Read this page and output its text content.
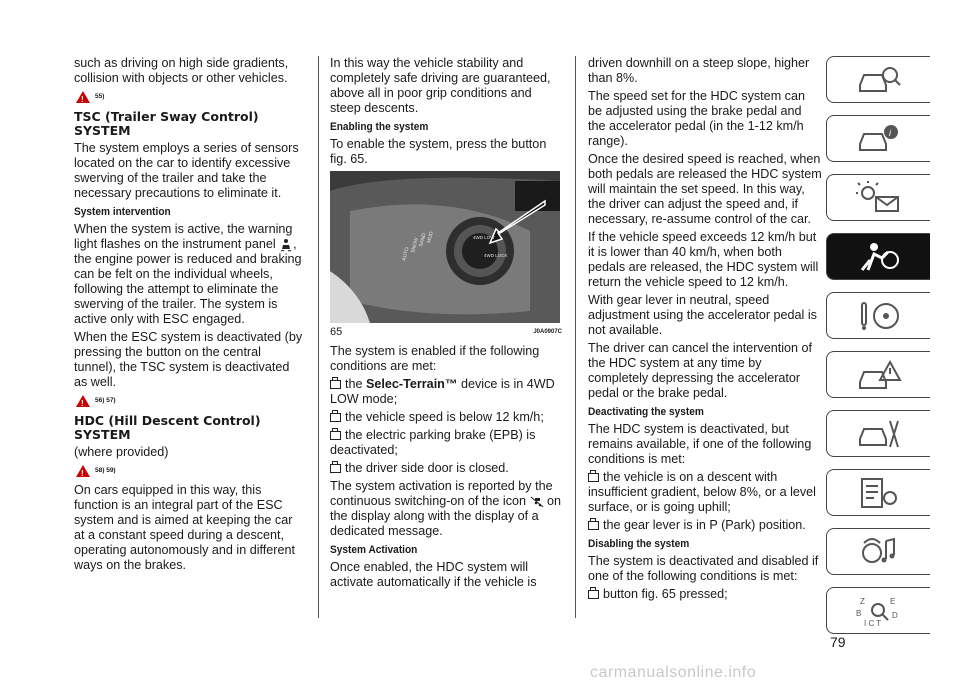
such as driving on high side gradients, collision with objects or other vehicles.

!
55)
TSC (Trailer Sway Control) SYSTEM

The system employs a series of sensors located on the car to identify excessive swerving of the trailer and take the necessary precautions to eliminate it.

System intervention

When the system is active, the warning light flashes on the instrument panel , the engine power is reduced and braking can be felt on the individual wheels, following the attempt to eliminate the swerving of the trailer. The system is active only with ESC engaged.

When the ESC system is deactivated (by pressing the button on the central tunnel), the TSC system is deactivated as well.

!
56) 57)
HDC (Hill Descent Control) SYSTEM

(where provided)

!
58) 59)

On cars equipped in this way, this function is an integral part of the ESC system and is aimed at keeping the car at a constant speed during a descent, operating autonomously and in different ways on the brakes.

In this way the vehicle stability and completely safe driving are guaranteed, above all in poor grip conditions and steep descents.

Enabling the system

To enable the system, press the button fig. 65.

AUTO
SNOW
SAND
MUD	4WD LOW
4WD LOCK
65	J0A0907C

The system is enabled if the following conditions are met:

the Selec-Terrain™ device is in 4WD LOW mode;

the vehicle speed is below 12 km/h;

the electric parking brake (EPB) is deactivated;

the driver side door is closed.

The system activation is reported by the continuous switching-on of the icon on the display along with the display of a dedicated message.

System Activation

Once enabled, the HDC system will activate automatically if the vehicle is

driven downhill on a steep slope, higher than 8%.

The speed set for the HDC system can be adjusted using the brake pedal and the accelerator pedal (in the 1-12 km/h range).

Once the desired speed is reached, when both pedals are released the HDC system will maintain the set speed. In this way, the driver can adjust the speed and, if necessary, re-assume control of the car.

If the vehicle speed exceeds 12 km/h but it is lower than 40 km/h, when both pedals are released, the HDC system will return the vehicle speed to 12 km/h.

With gear lever in neutral, speed adjustment using the accelerator pedal is not available.

The driver can cancel the intervention of the HDC system at any time by completely depressing the accelerator pedal or the brake pedal.

Deactivating the system

The HDC system is deactivated, but remains available, if one of the following conditions is met:

the vehicle is on a descent with insufficient gradient, below 8%, or a level surface, or is going uphill;

the gear lever is in P (Park) position.

Disabling the system

The system is deactivated and disabled if one of the following conditions is met:

button fig. 65 pressed;

i
Z	E
B	D
I C T
79
carmanualsonline.info
